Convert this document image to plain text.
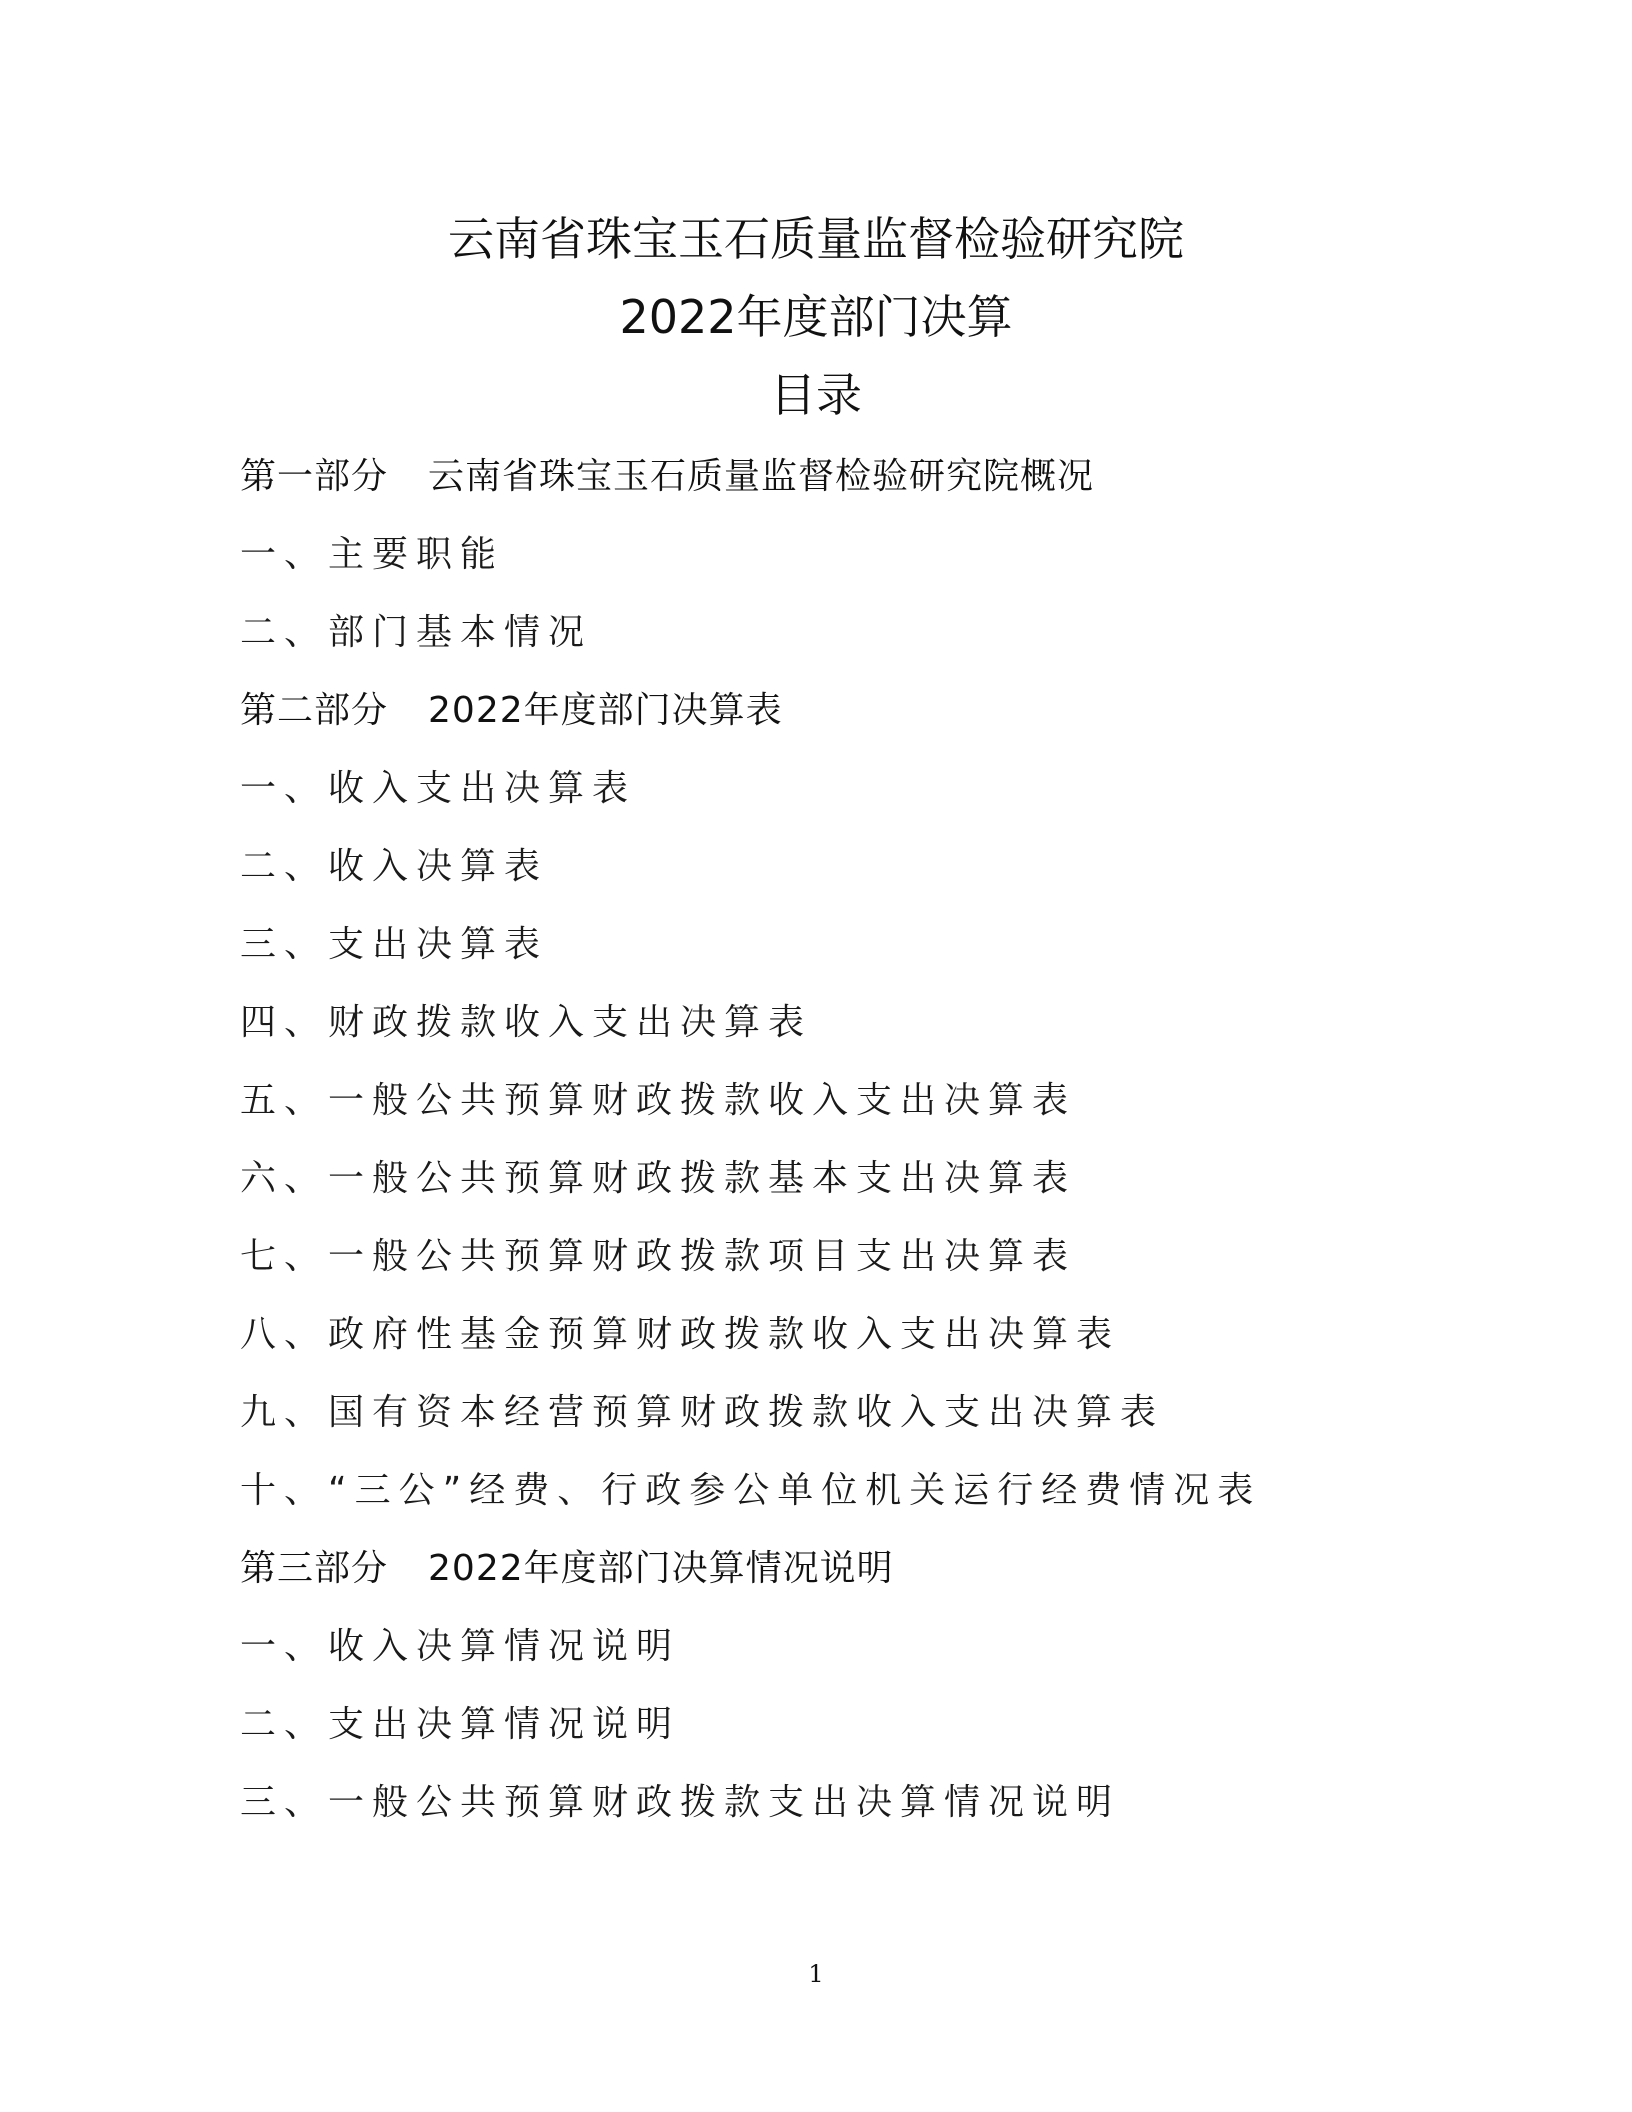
云南省珠宝玉石质量监督检验研究院
2022年度部门决算
目录
第一部分 云南省珠宝玉石质量监督检验研究院概况
一、主要职能
二、部门基本情况
第二部分 2022年度部门决算表
一、收入支出决算表
二、收入决算表
三、支出决算表
四、财政拨款收入支出决算表
五、一般公共预算财政拨款收入支出决算表
六、一般公共预算财政拨款基本支出决算表
七、一般公共预算财政拨款项目支出决算表
八、政府性基金预算财政拨款收入支出决算表
九、国有资本经营预算财政拨款收入支出决算表
十、“三公”经费、行政参公单位机关运行经费情况表
第三部分 2022年度部门决算情况说明
一、收入决算情况说明
二、支出决算情况说明
三、一般公共预算财政拨款支出决算情况说明
1
